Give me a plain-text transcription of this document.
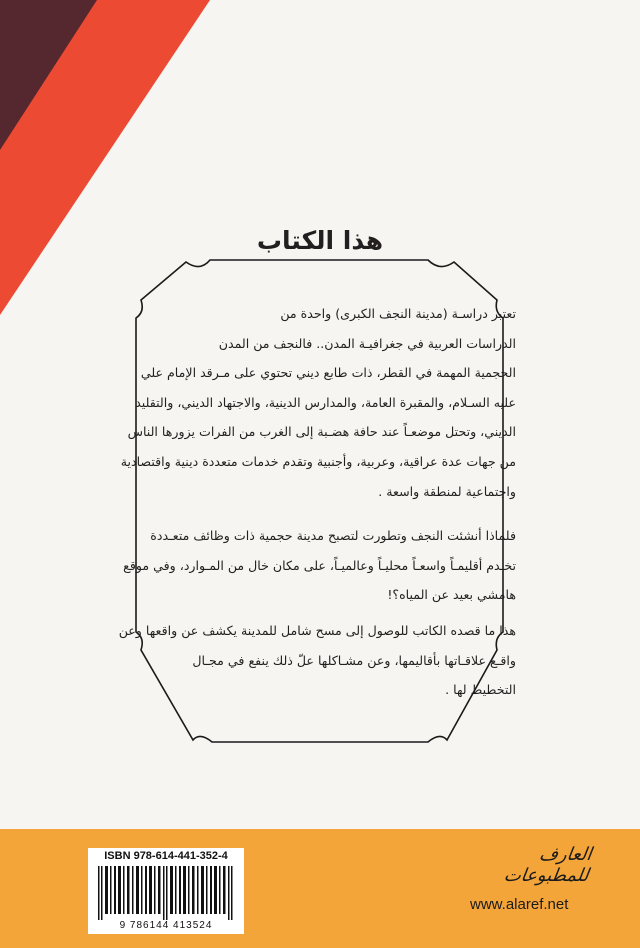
هذا الكتاب
تعتبر دراسـة (مدينة النجف الكبرى) واحدة من
الدراسات العربية في جغرافيـة المدن.. فالنجف من المدن
الحجمية المهمة في القطر، ذات طابع ديني تحتوي على مـرقد الإمام علي
عليه السـلام، والمقبرة العامة، والمدارس الدينية، والاجتهاد الديني، والتقليد
الديني، وتحتل موضعـاً عند حافة هضـبة إلى الغرب من الفرات يزورها الناس
من جهات عدة عراقية، وعربية، وأجنبية وتقدم خدمات متعددة دينية واقتصادية
واجتماعية لمنطقة واسعة .
فلماذا أنشئت النجف وتطورت لتصبح مدينة حجمية ذات وظائف متعـددة
تخـدم أقليمـاً واسعـاً محليـاً وعالميـاً، على مكان خال من المـوارد، وفي موقع
هامشي بعيد عن المياه؟!
هذا ما قصده الكاتب للوصول إلى مسح شامل للمدينة يكشف عن واقعها وعن
واقـع علاقـاتها بأقاليمها، وعن مشـاكلها علّ ذلك ينفع في مجـال
التخطيط لها .
ISBN 978-614-441-352-4
9 786144 413524
العارف للمطبوعات
www.alaref.net
